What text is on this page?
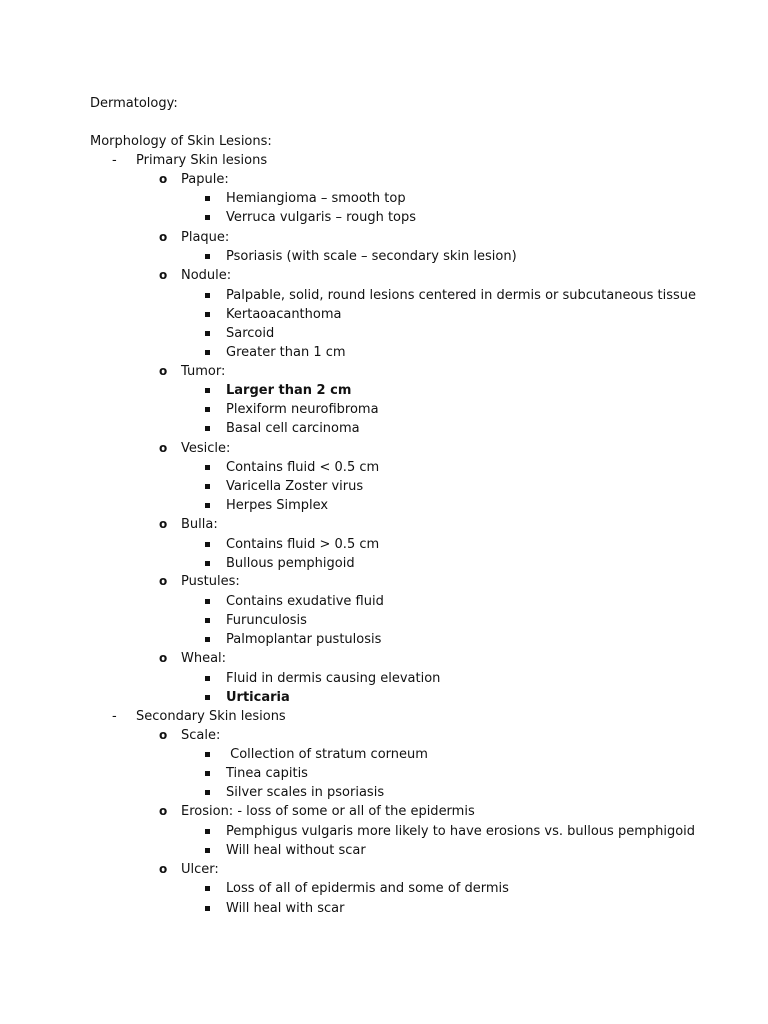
Dermatology:
Morphology of Skin Lesions:
- Primary Skin lesions
o Papule:
Hemiangioma – smooth top
Verruca vulgaris – rough tops
o Plaque:
Psoriasis (with scale – secondary skin lesion)
o Nodule:
Palpable, solid, round lesions centered in dermis or subcutaneous tissue
Kertaoacanthoma
Sarcoid
Greater than 1 cm
o Tumor:
Larger than 2 cm
Plexiform neurofibroma
Basal cell carcinoma
o Vesicle:
Contains fluid < 0.5 cm
Varicella Zoster virus
Herpes Simplex
o Bulla:
Contains fluid > 0.5 cm
Bullous pemphigoid
o Pustules:
Contains exudative fluid
Furunculosis
Palmoplantar pustulosis
o Wheal:
Fluid in dermis causing elevation
Urticaria
- Secondary Skin lesions
o Scale:
Collection of stratum corneum
Tinea capitis
Silver scales in psoriasis
o Erosion: - loss of some or all of the epidermis
Pemphigus vulgaris more likely to have erosions vs. bullous pemphigoid
Will heal without scar
o Ulcer:
Loss of all of epidermis and some of dermis
Will heal with scar
